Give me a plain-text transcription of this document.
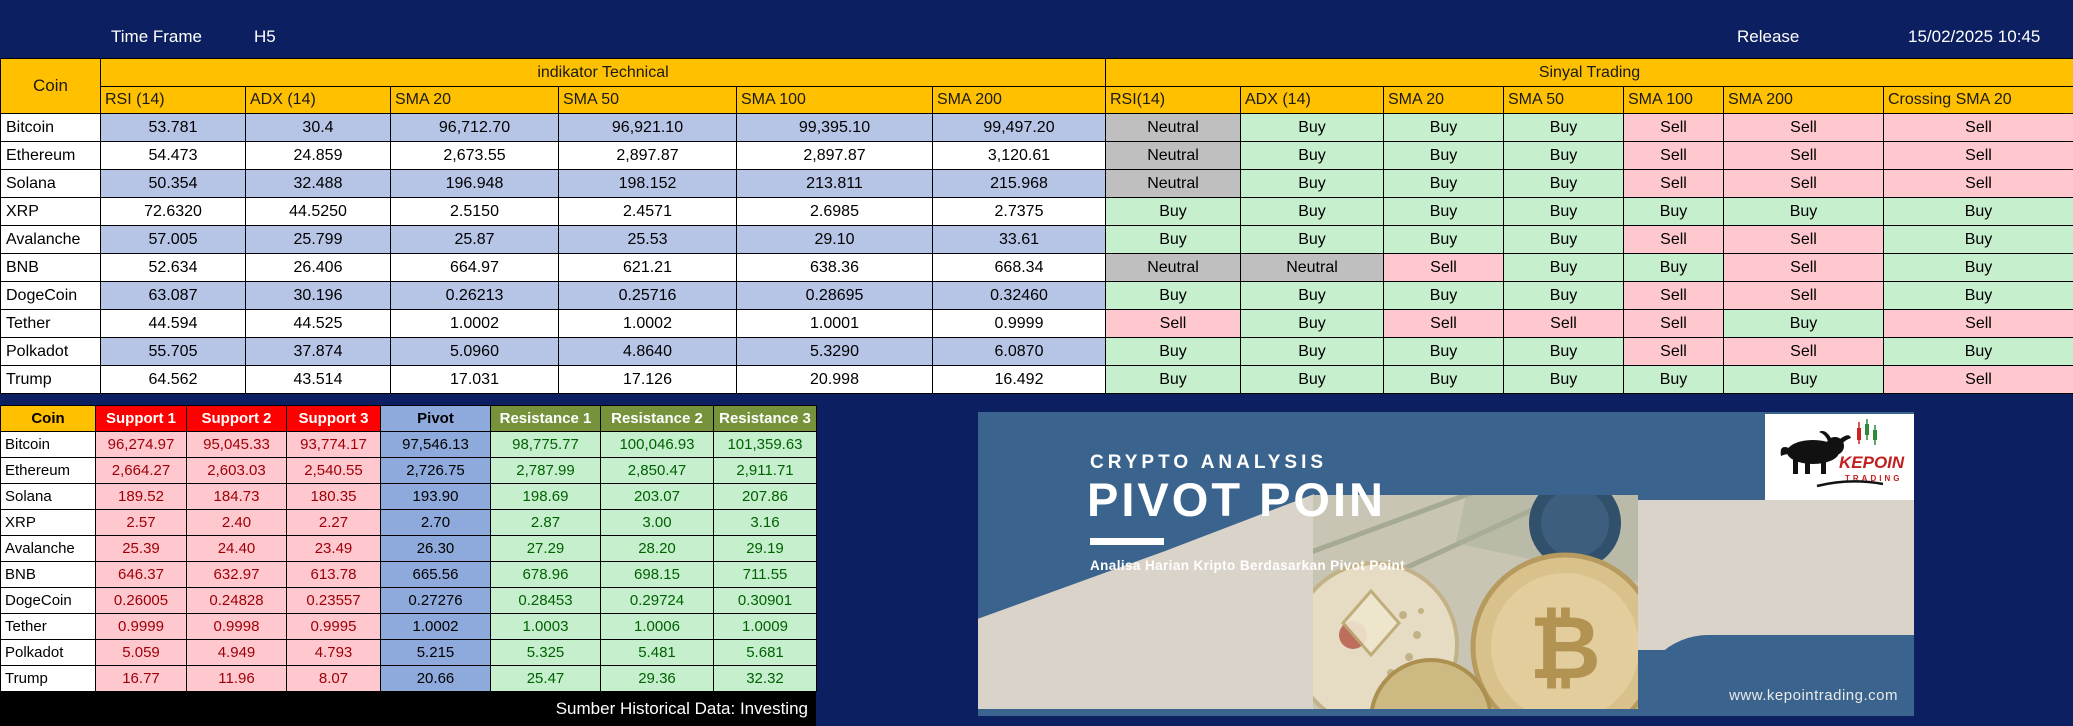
Time Frame	H5	Release	15/02/2025 10:45
Coin	indikator Technical						Sinyal Trading						
	RSI (14)	ADX (14)	SMA 20	SMA 50	SMA 100	SMA 200	RSI(14)	ADX (14)	SMA 20	SMA 50	SMA 100	SMA 200	Crossing SMA 20
Bitcoin	53.781	30.4	96,712.70	96,921.10	99,395.10	99,497.20	Neutral	Buy	Buy	Buy	Sell	Sell	Sell
Ethereum	54.473	24.859	2,673.55	2,897.87	2,897.87	3,120.61	Neutral	Buy	Buy	Buy	Sell	Sell	Sell
Solana	50.354	32.488	196.948	198.152	213.811	215.968	Neutral	Buy	Buy	Buy	Sell	Sell	Sell
XRP	72.6320	44.5250	2.5150	2.4571	2.6985	2.7375	Buy	Buy	Buy	Buy	Buy	Buy	Buy
Avalanche	57.005	25.799	25.87	25.53	29.10	33.61	Buy	Buy	Buy	Buy	Sell	Sell	Buy
BNB	52.634	26.406	664.97	621.21	638.36	668.34	Neutral	Neutral	Sell	Buy	Buy	Sell	Buy
DogeCoin	63.087	30.196	0.26213	0.25716	0.28695	0.32460	Buy	Buy	Buy	Buy	Sell	Sell	Buy
Tether	44.594	44.525	1.0002	1.0002	1.0001	0.9999	Sell	Buy	Sell	Sell	Sell	Buy	Sell
Polkadot	55.705	37.874	5.0960	4.8640	5.3290	6.0870	Buy	Buy	Buy	Buy	Sell	Sell	Buy
Trump	64.562	43.514	17.031	17.126	20.998	16.492	Buy	Buy	Buy	Buy	Buy	Buy	Sell
Coin	Support 1	Support 2	Support 3	Pivot	Resistance 1	Resistance 2	Resistance 3
Bitcoin	96,274.97	95,045.33	93,774.17	97,546.13	98,775.77	100,046.93	101,359.63
Ethereum	2,664.27	2,603.03	2,540.55	2,726.75	2,787.99	2,850.47	2,911.71
Solana	189.52	184.73	180.35	193.90	198.69	203.07	207.86
XRP	2.57	2.40	2.27	2.70	2.87	3.00	3.16
Avalanche	25.39	24.40	23.49	26.30	27.29	28.20	29.19
BNB	646.37	632.97	613.78	665.56	678.96	698.15	711.55
DogeCoin	0.26005	0.24828	0.23557	0.27276	0.28453	0.29724	0.30901
Tether	0.9999	0.9998	0.9995	1.0002	1.0003	1.0006	1.0009
Polkadot	5.059	4.949	4.793	5.215	5.325	5.481	5.681
Trump	16.77	11.96	8.07	20.66	25.47	29.36	32.32
Sumber Historical Data: Investing
₿	www.kepointrading.com
KEPOIN
TRADING
CRYPTO ANALYSIS
PIVOT POIN
Analisa Harian Kripto Berdasarkan Pivot Point
